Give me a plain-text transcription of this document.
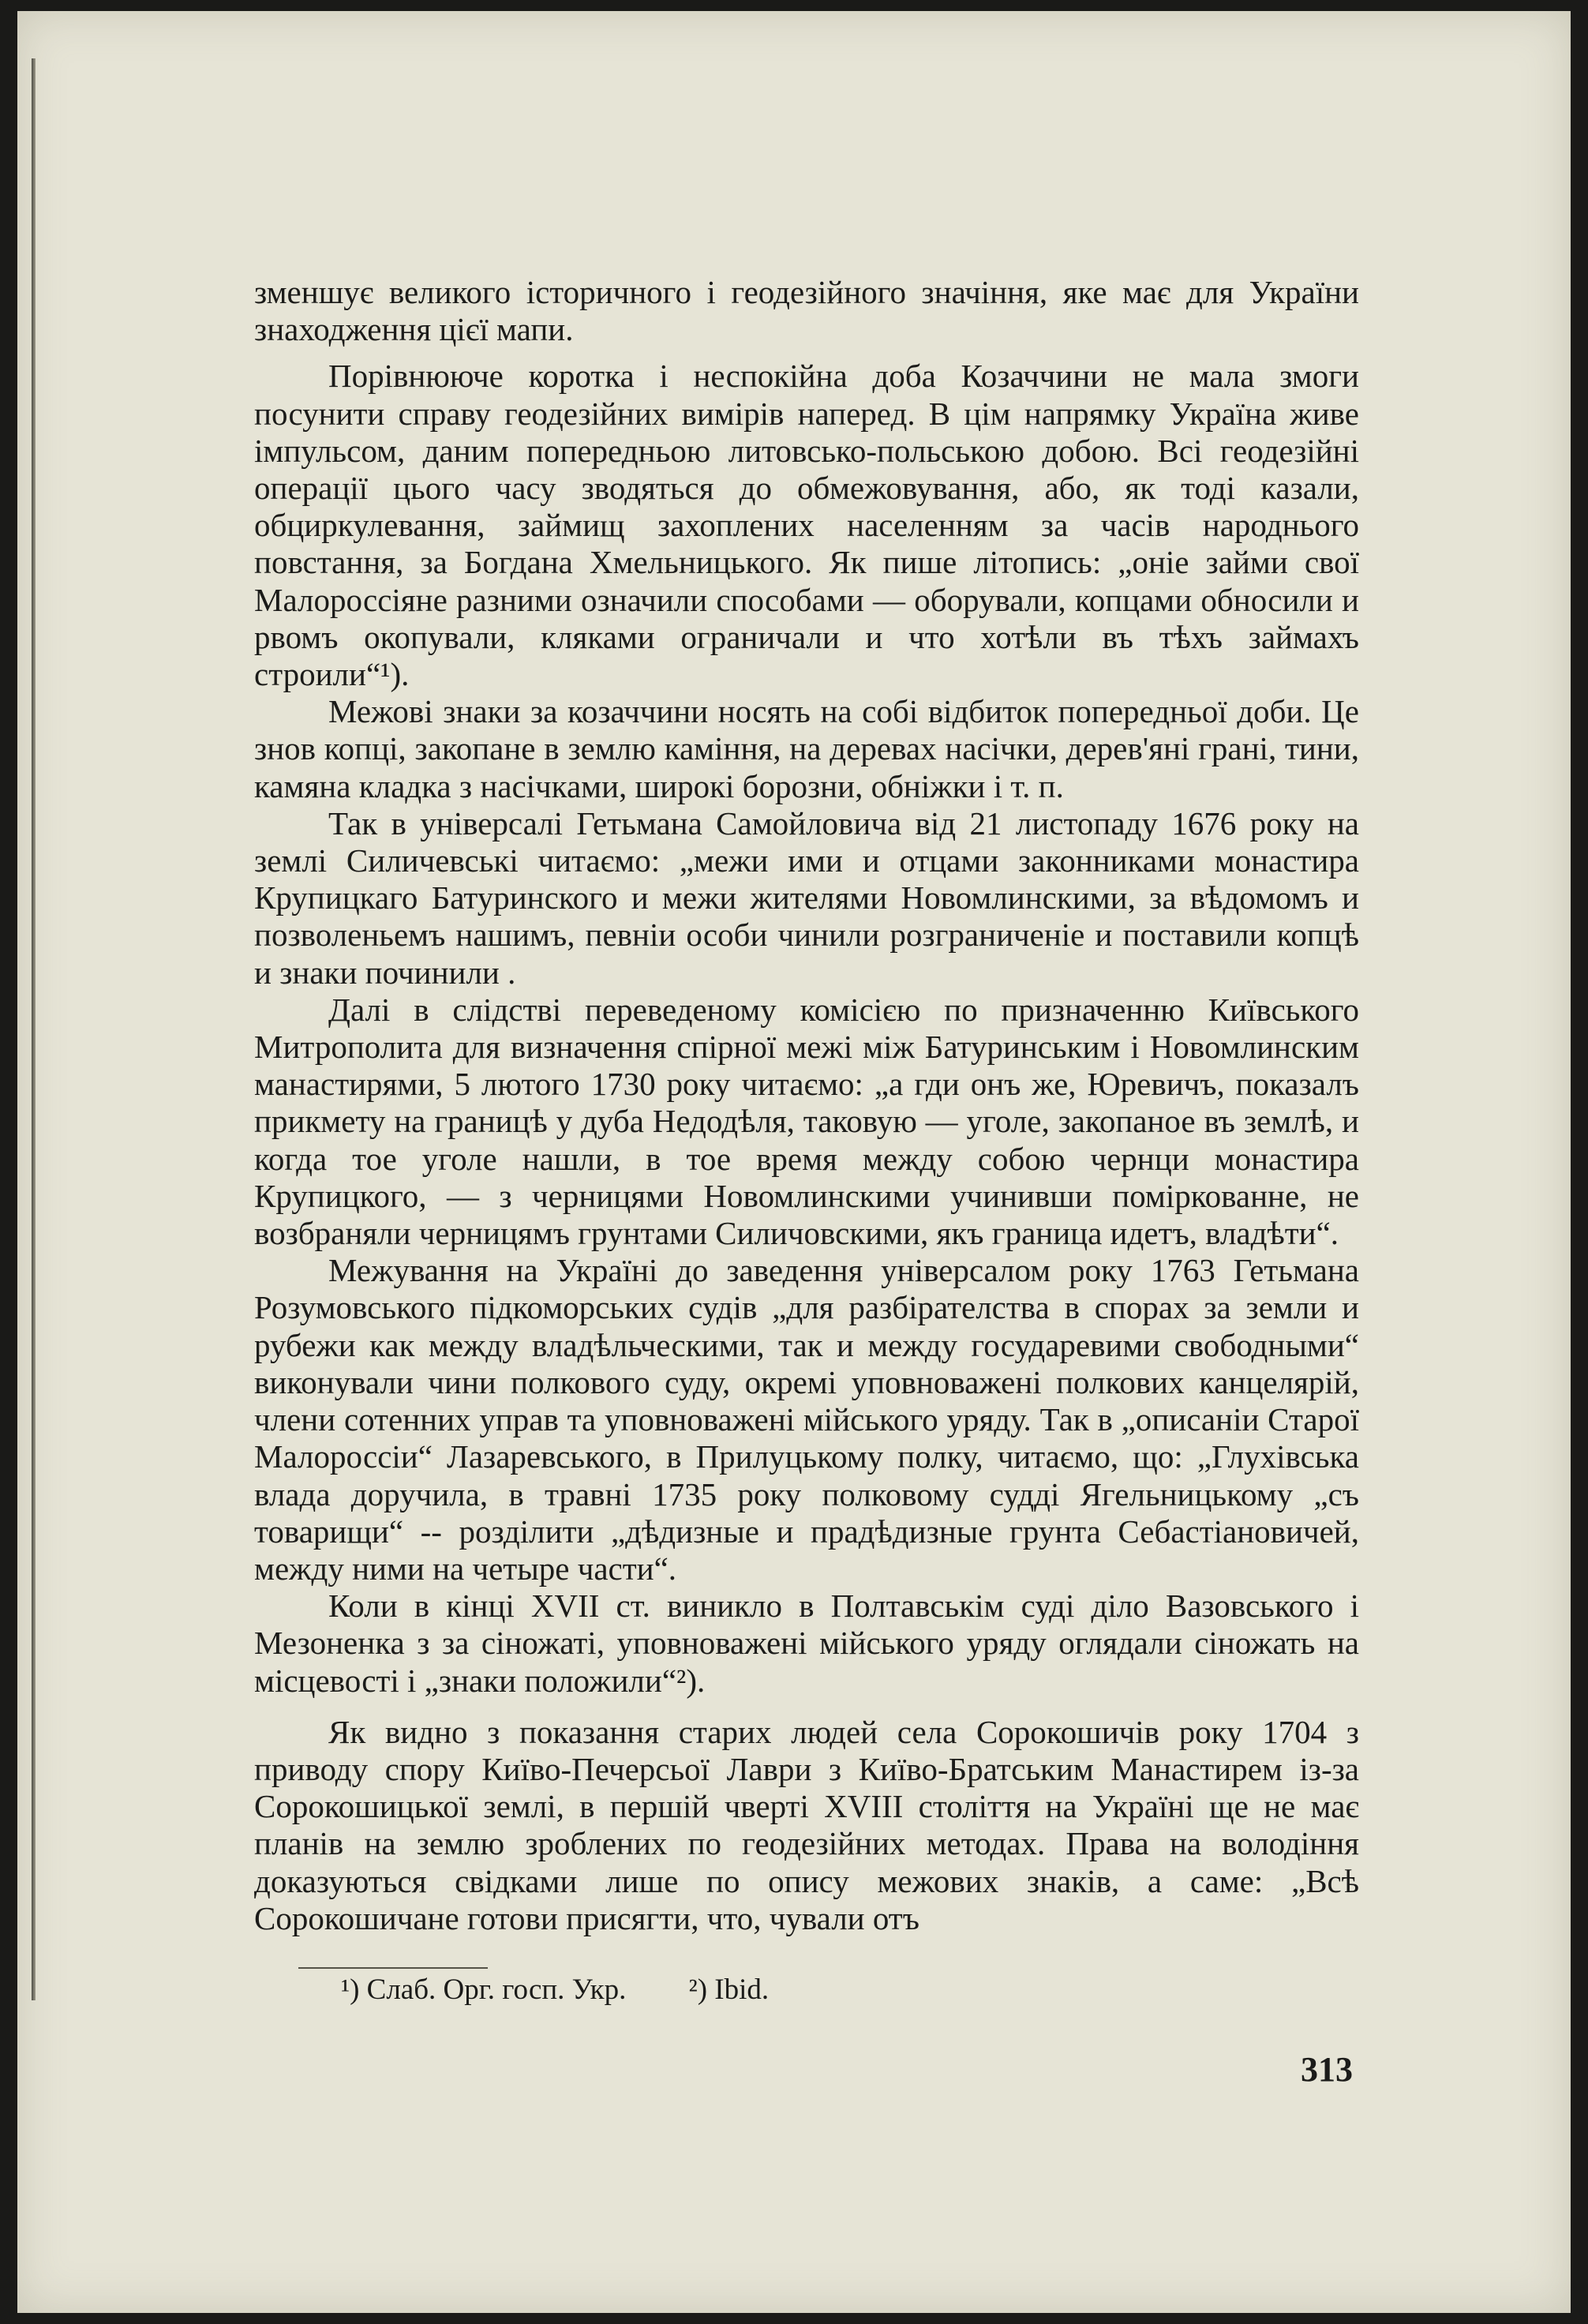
зменшує великого історичного і геодезійного значіння, яке має для України знаходження цієї мапи.

Порівнююче коротка і неспокійна доба Козаччини не мала змоги посунити справу геодезійних вимірів наперед. В цім напрямку Україна живе імпульсом, даним попередньою литовсько-польською добою. Всі геодезійні операції цього часу зводяться до обмежовування, або, як тоді казали, обциркулевання, займищ захоплених населенням за часів народнього повстання, за Богдана Хмельницького. Як пише літопись: „оніе займи свої Малороссіяне разними означили способами — оборували, копцами обносили и рвомъ окопували, кляками ограничали и что хотѣли въ тѣхъ займахъ строили“¹).

Межові знаки за козаччини носять на собі відбиток попередньої доби. Це знов копці, закопане в землю каміння, на деревах насічки, дерев'яні грані, тини, камяна кладка з насічками, широкі борозни, обніжки і т. п.

Так в універсалі Гетьмана Самойловича від 21 листопаду 1676 року на землі Силичевські читаємо: „межи ими и отцами законниками монастира Крупицкаго Батуринского и межи жителями Новомлинскими, за вѣдомомъ и позволеньемъ нашимъ, певніи особи чинили розграниченіе и поставили копцѣ и знаки починили .

Далі в слідстві переведеному комісією по призначенню Київського Митрополита для визначення спірної межі між Батуринським і Новомлинским манастирями, 5 лютого 1730 року читаємо: „а гди онъ же, Юревичъ, показалъ прикмету на границѣ у дуба Недодѣля, таковую — уголе, закопаное въ землѣ, и когда тое уголе нашли, в тое время между собою чернци монастира Крупицкого, — з черницями Новомлинскими учинивши поміркованне, не возбраняли черницямъ грунтами Силичовскими, якъ граница идетъ, владѣти“.

Межування на Україні до заведення універсалом року 1763 Гетьмана Розумовського підкоморських судів „для разбірателства в спорах за земли и рубежи как между владѣльческими, так и между государевими свободными“ виконували чини полкового суду, окремі уповноважені полкових канцелярій, члени сотенних управ та уповноважені мійського уряду. Так в „описаніи Старої Малороссіи“ Лазаревського, в Прилуцькому полку, читаємо, що: „Глухівська влада доручила, в травні 1735 року полковому судді Ягельницькому „съ товарищи“ -- розділити „дѣдизные и прадѣдизные грунта Себастіановичей, между ними на четыре части“.

Коли в кінці XVII ст. виникло в Полтавськім суді діло Вазовського і Мезоненка з за сіножаті, уповноважені мійського уряду оглядали сіножать на місцевості і „знаки положили“²).

Як видно з показання старих людей села Сорокошичів року 1704 з приводу спору Київо-Печерсьої Лаври з Київо-Братським Манастирем із-за Сорокошицької землі, в першій чверті XVIII століття на Україні ще не має планів на землю зроблених по геодезійних методах. Права на володіння доказуються свідками лише по опису межових знаків, а саме: „Всѣ Сорокошичане готови присягти, что, чували отъ

¹) Слаб. Орг. госп. Укр. ²) Ibid.
313
